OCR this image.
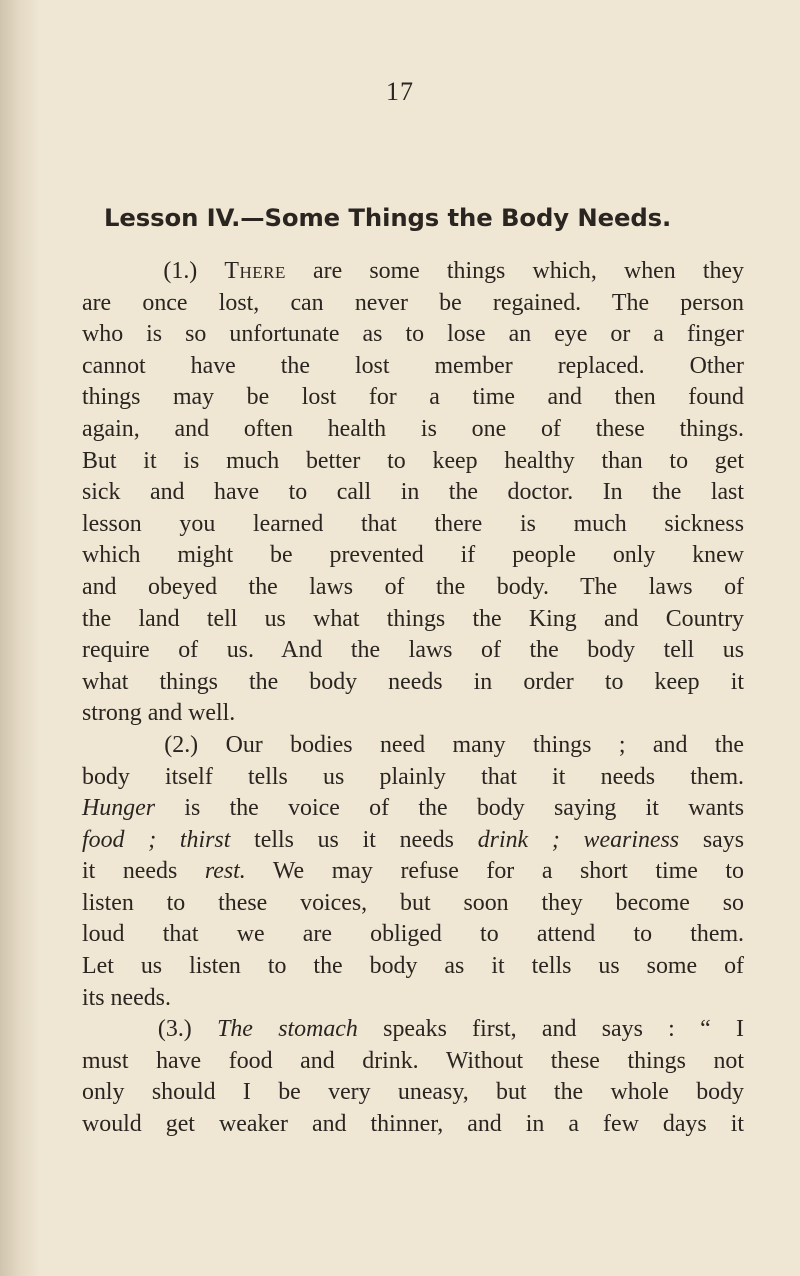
17
Lesson IV.—Some Things the Body Needs.
(1.) There are some things which, when they
are once lost, can never be regained. The person
who is so unfortunate as to lose an eye or a finger
cannot have the lost member replaced. Other
things may be lost for a time and then found
again, and often health is one of these things.
But it is much better to keep healthy than to get
sick and have to call in the doctor. In the last
lesson you learned that there is much sickness
which might be prevented if people only knew
and obeyed the laws of the body. The laws of
the land tell us what things the King and Country
require of us. And the laws of the body tell us
what things the body needs in order to keep it
strong and well.
(2.) Our bodies need many things ; and the
body itself tells us plainly that it needs them.
Hunger is the voice of the body saying it wants
food ; thirst tells us it needs drink ; weariness says
it needs rest. We may refuse for a short time to
listen to these voices, but soon they become so
loud that we are obliged to attend to them.
Let us listen to the body as it tells us some of
its needs.
(3.) The stomach speaks first, and says : “ I
must have food and drink. Without these things not
only should I be very uneasy, but the whole body
would get weaker and thinner, and in a few days it
